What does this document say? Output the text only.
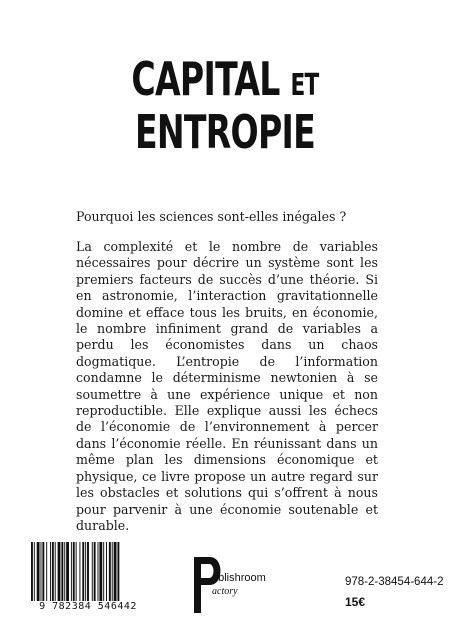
CAPITAL ET
ENTROPIE
Pourquoi les sciences sont-elles inégales ?
La complexité et le nombre de variables nécessaires pour décrire un système sont les premiers facteurs de succès d’une théorie. Si en astronomie, l’interaction gravitationnelle domine et efface tous les bruits, en économie, le nombre infiniment grand de variables a perdu les économistes dans un chaos dogmatique. L’entropie de l’information condamne le déterminisme newtonien à se soumettre à une expérience unique et non reproductible. Elle explique aussi les échecs de l’économie de l’environnement à percer dans l’économie réelle. En réunissant dans un même plan les dimensions économique et physique, ce livre propose un autre regard sur les obstacles et solutions qui s’offrent à nous pour parvenir à une économie soutenable et durable.
9 782384 546442
ublishroom
actory
978-2-38454-644-2
15€
